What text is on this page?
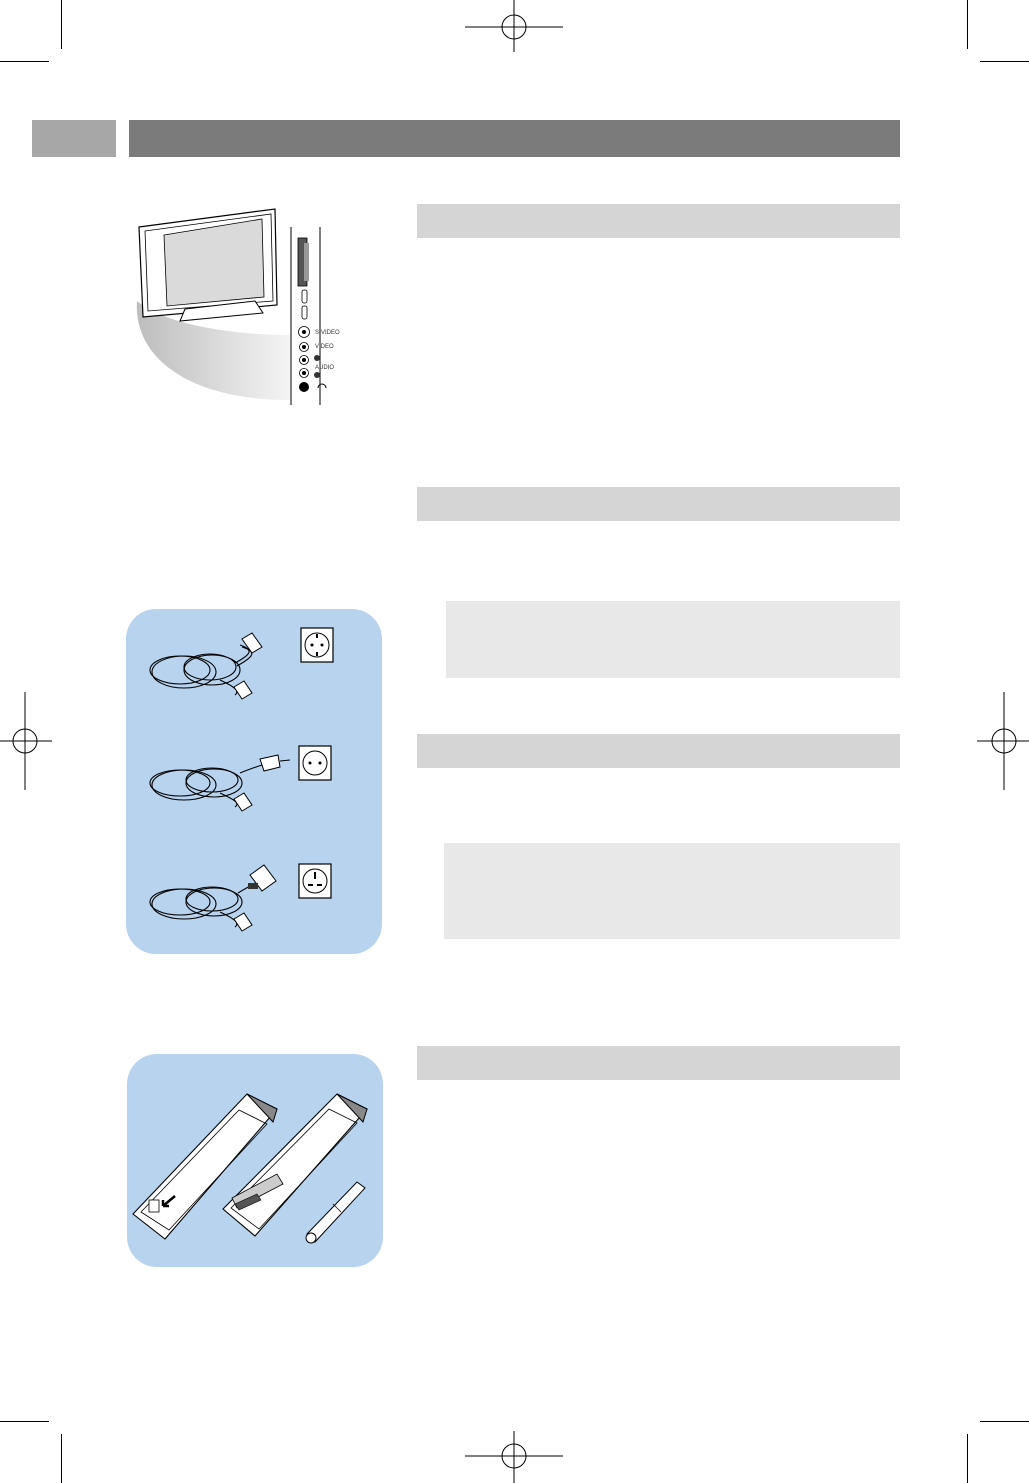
S-VIDEO
VIDEO
AUDIO
